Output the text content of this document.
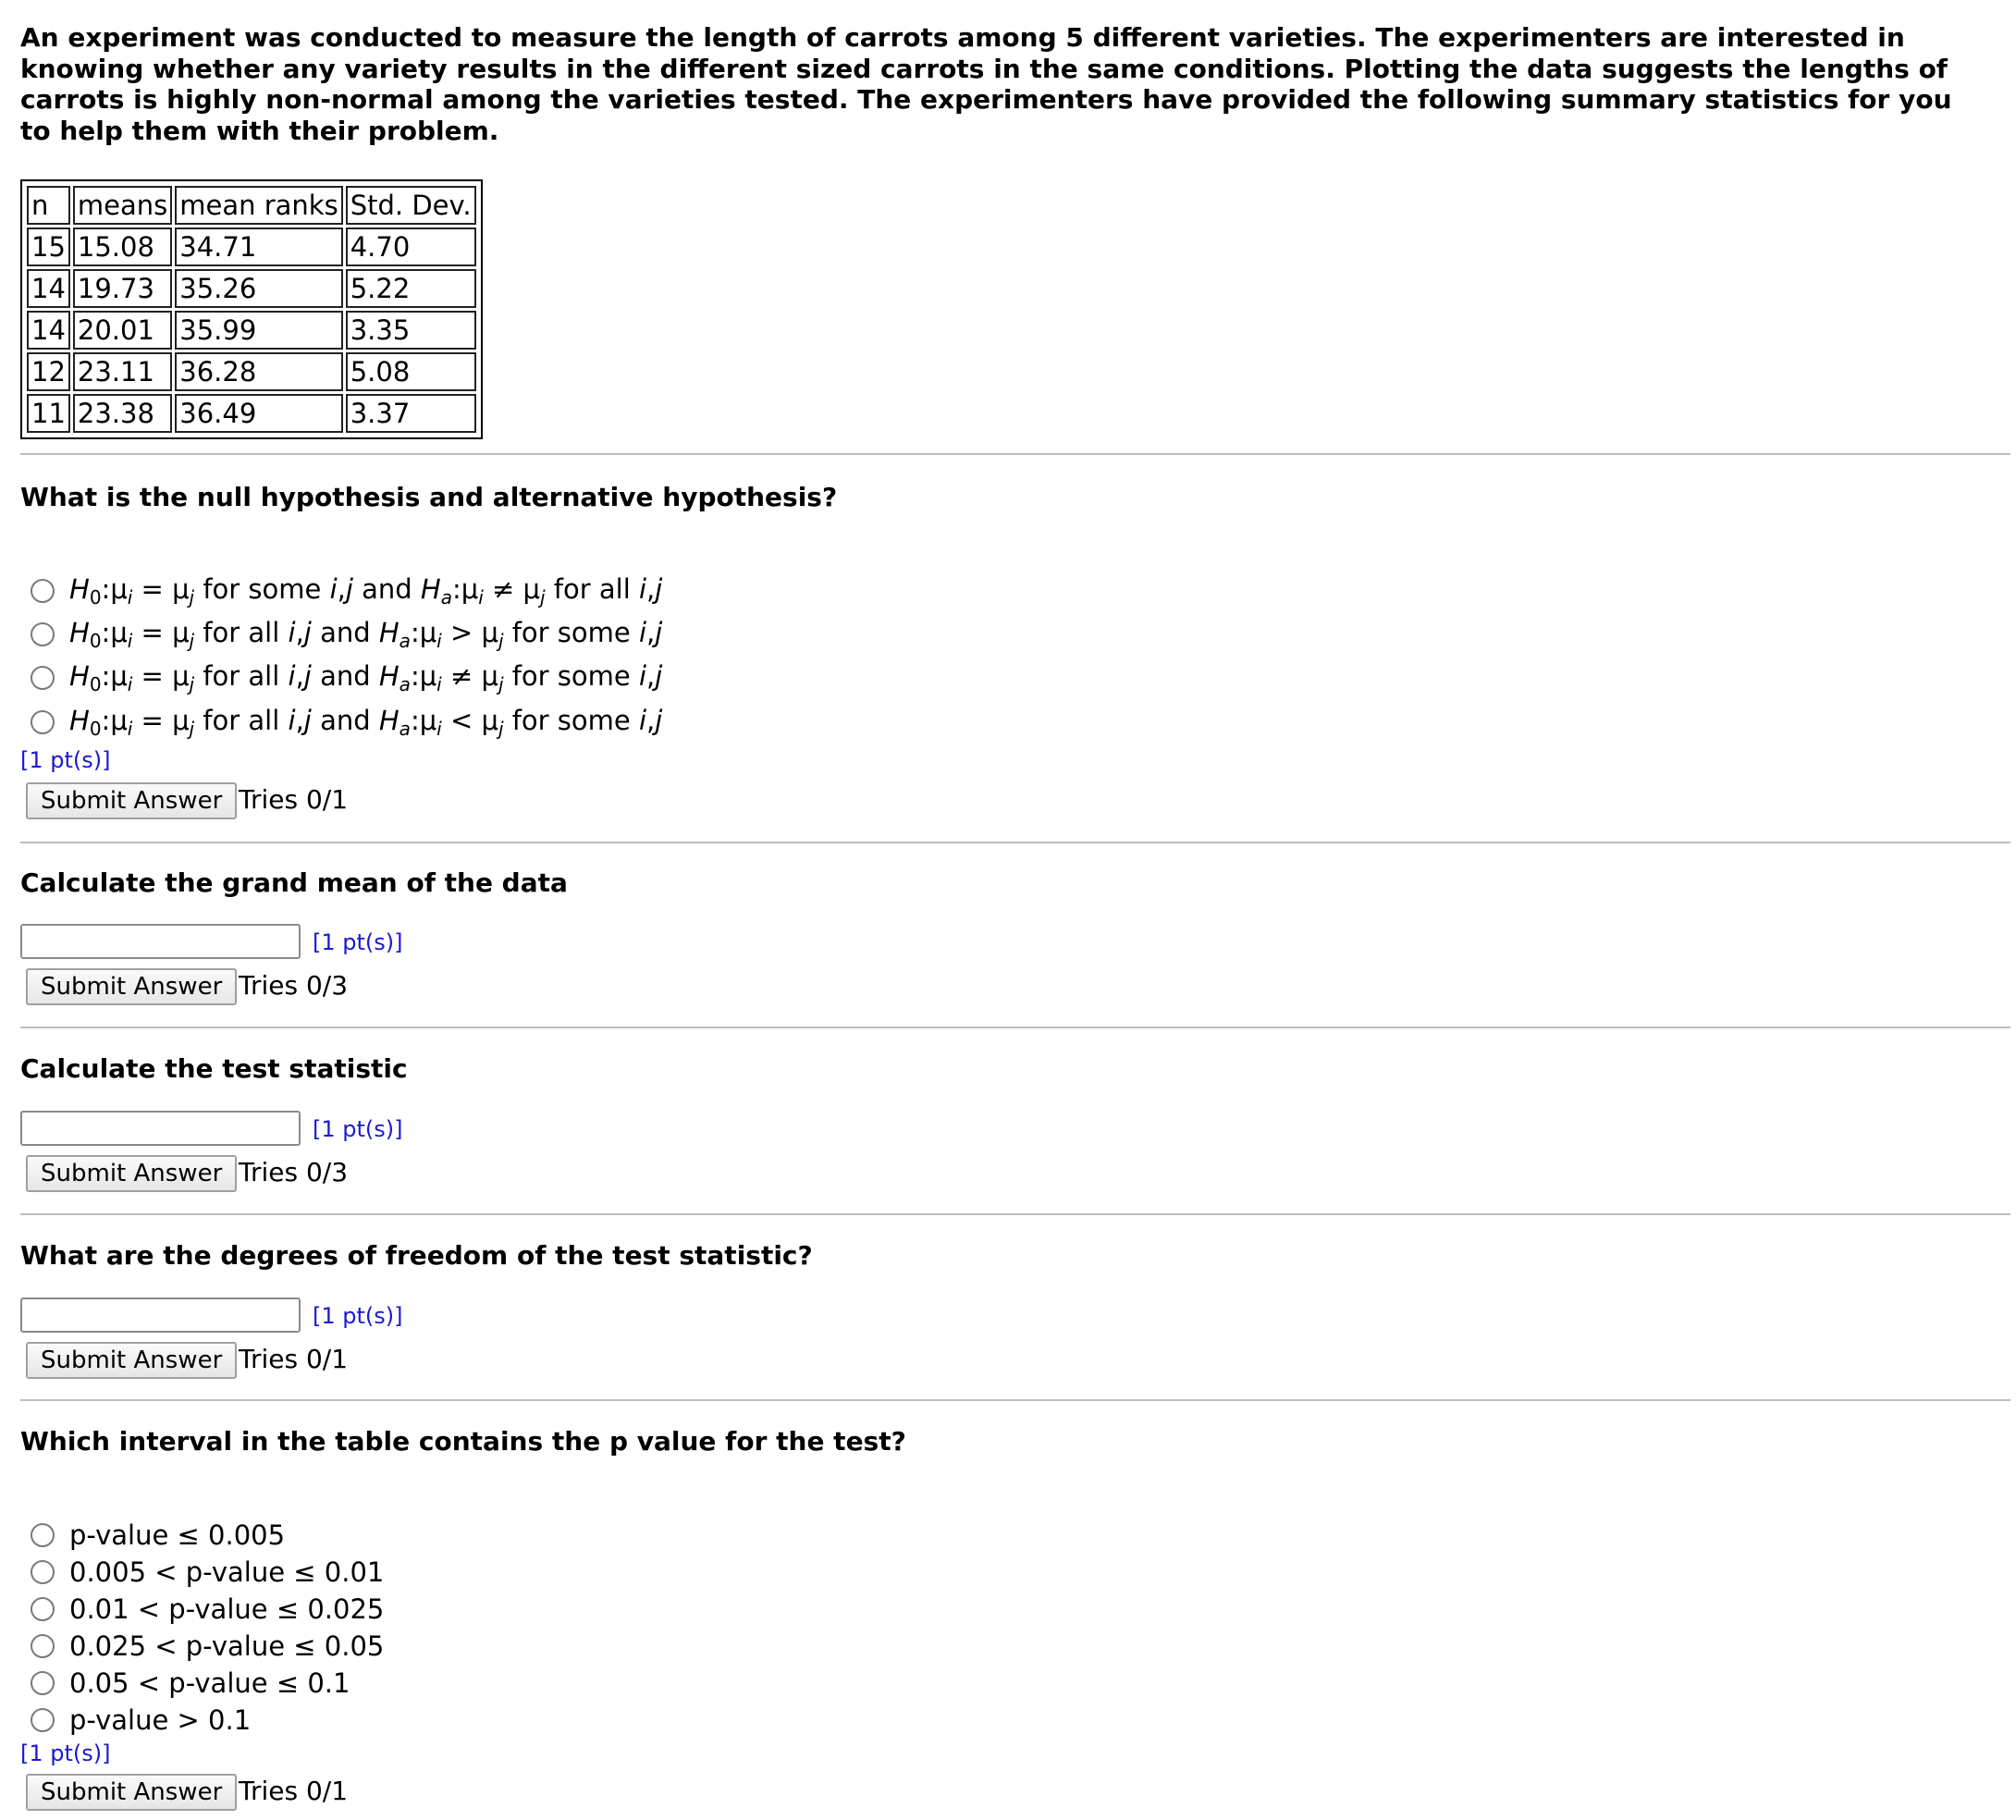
An experiment was conducted to measure the length of carrots among 5 different varieties. The experimenters are interested in knowing whether any variety results in the different sized carrots in the same conditions. Plotting the data suggests the lengths of carrots is highly non-normal among the varieties tested. The experimenters have provided the following summary statistics for you to help them with their problem.
n	means	mean ranks	Std. Dev.
15	15.08	34.71	4.70
14	19.73	35.26	5.22
14	20.01	35.99	3.35
12	23.11	36.28	5.08
11	23.38	36.49	3.37
What is the null hypothesis and alternative hypothesis?
$H_0:\mu_i = \mu_j$ for some i,j and $H_a:\mu_i \ne \mu_j$ for all i,j
$H_0:\mu_i = \mu_j$ for all i,j and $H_a:\mu_i > \mu_j$ for some i,j
$H_0:\mu_i = \mu_j$ for all i,j and $H_a:\mu_i \ne \mu_j$ for some i,j
$H_0:\mu_i = \mu_j$ for all i,j and $H_a:\mu_i < \mu_j$ for some i,j
[1 pt(s)]
Submit Answer Tries 0/1
Calculate the grand mean of the data
[1 pt(s)]
Submit Answer Tries 0/3
Calculate the test statistic
[1 pt(s)]
Submit Answer Tries 0/3
What are the degrees of freedom of the test statistic?
[1 pt(s)]
Submit Answer Tries 0/1
Which interval in the table contains the p value for the test?
p-value ≤ 0.005
0.005 < p-value ≤ 0.01
0.01 < p-value ≤ 0.025
0.025 < p-value ≤ 0.05
0.05 < p-value ≤ 0.1
p-value > 0.1
[1 pt(s)]
Submit Answer Tries 0/1
